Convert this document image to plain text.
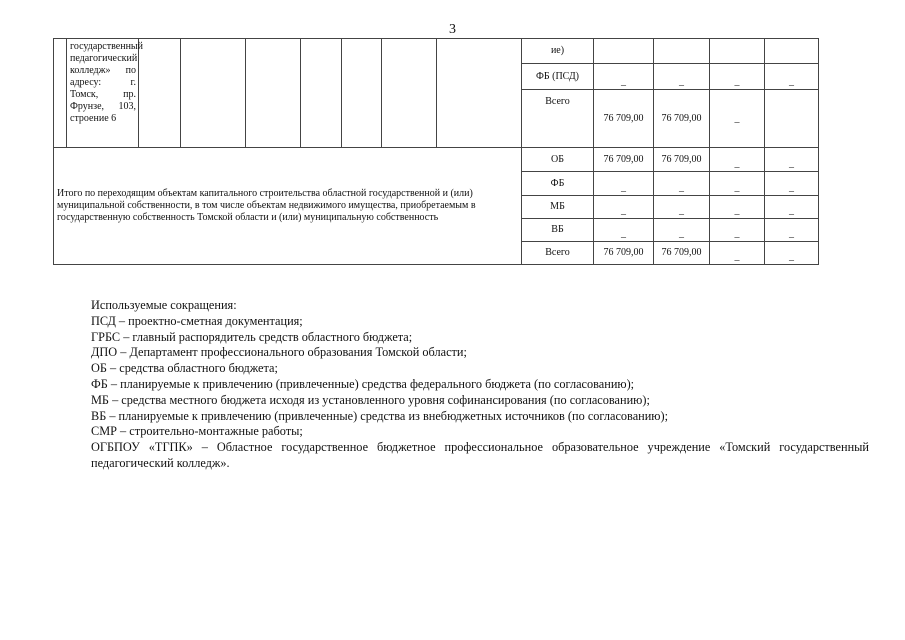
3
	государственный педагогический колледж» по адресу: г. Томск, пр. Фрунзе, 103, строение 6								ие)				
									ФБ (ПСД)	_	_	_	_
									Всего	76 709,00	76 709,00	_	
Итого по переходящим объектам капитального строительства областной государственной и (или) муниципальной собственности, в том числе объектам недвижимого имущества, приобретаемым в государственную собственность Томской области и (или) муниципальную собственность									ОБ	76 709,00	76 709,00	_	_
									ФБ	_	_	_	_
									МБ	_	_	_	_
									ВБ	_	_	_	_
									Всего	76 709,00	76 709,00	_	_
Используемые сокращения:
ПСД – проектно-сметная документация;
ГРБС – главный распорядитель средств областного бюджета;
ДПО – Департамент профессионального образования Томской области;
ОБ – средства областного бюджета;
ФБ – планируемые к привлечению (привлеченные) средства федерального бюджета (по согласованию);
МБ – средства местного бюджета исходя из установленного уровня софинансирования (по согласованию);
ВБ – планируемые к привлечению (привлеченные) средства из внебюджетных источников (по согласованию);
СМР – строительно-монтажные работы;
ОГБПОУ «ТГПК» – Областное государственное бюджетное профессиональное образовательное учреждение «Томский государственный педагогический колледж».
